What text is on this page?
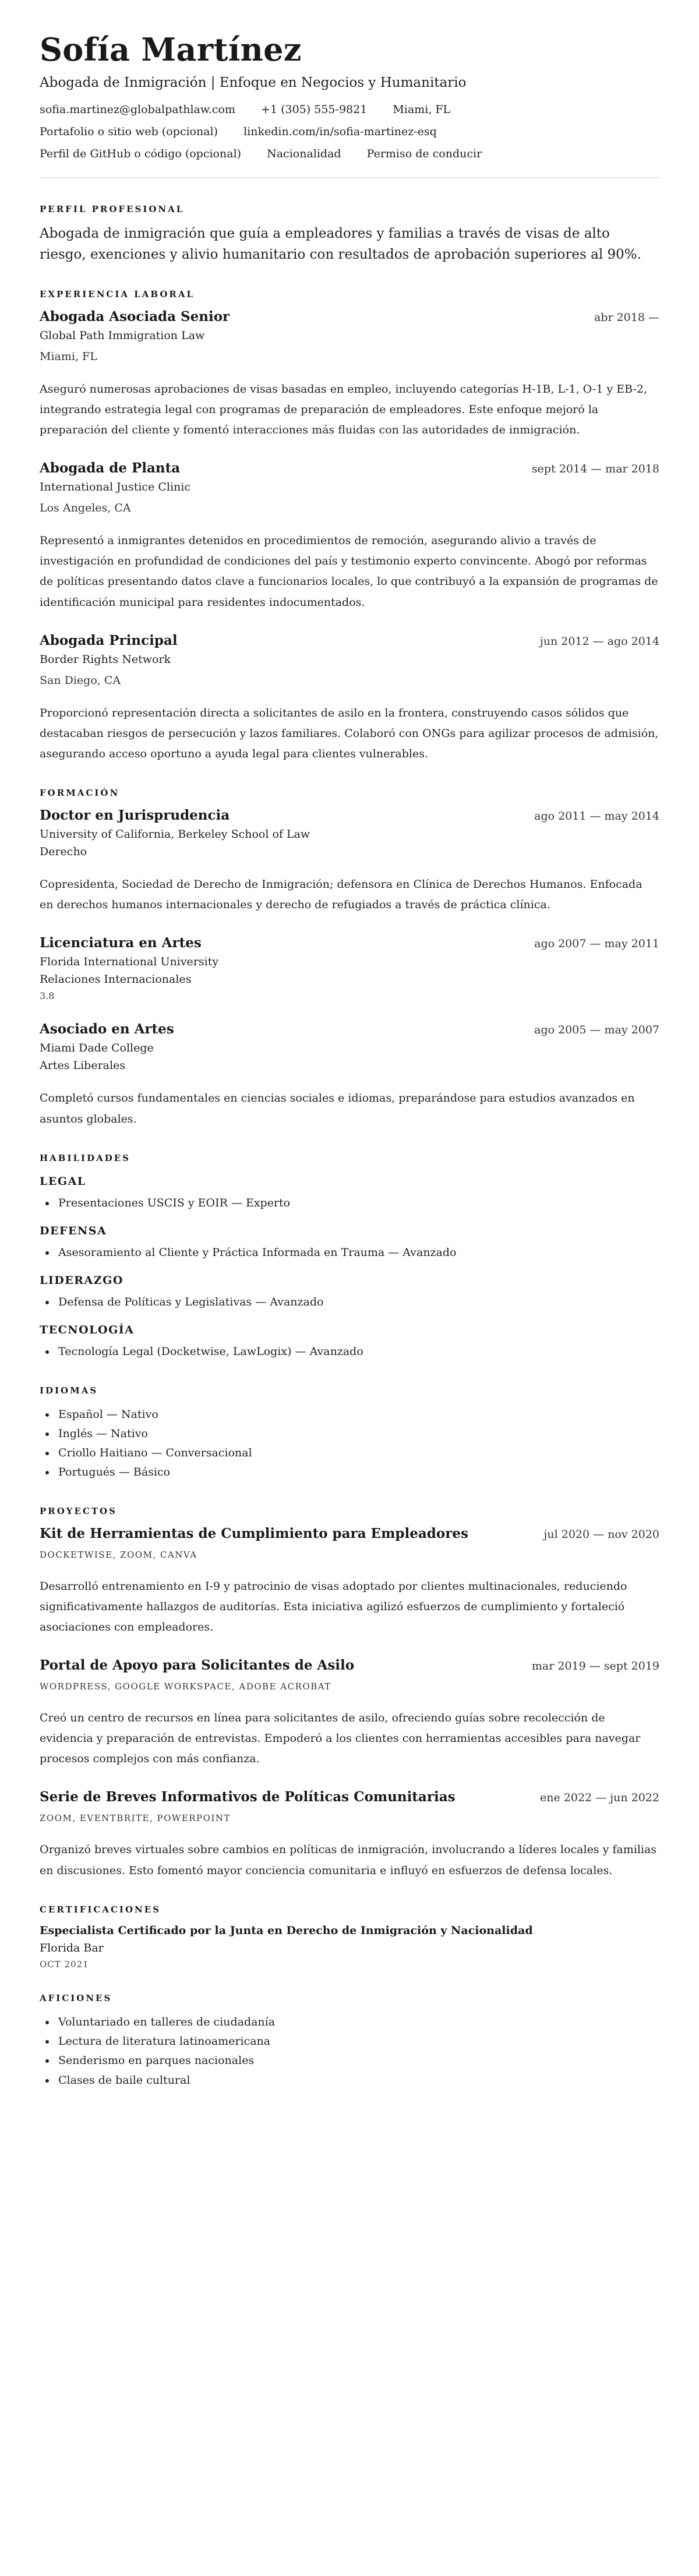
Sofía Martínez

Abogada de Inmigración | Enfoque en Negocios y Humanitario

sofia.martinez@globalpathlaw.com +1 (305) 555-9821 Miami, FL

Portafolio o sitio web (opcional) linkedin.com/in/sofia-martinez-esq

Perfil de GitHub o código (opcional) Nacionalidad Permiso de conducir

PERFIL PROFESIONAL

Abogada de inmigración que guía a empleadores y familias a través de visas de alto riesgo, exenciones y alivio humanitario con resultados de aprobación superiores al 90%.

EXPERIENCIA LABORAL
Abogada Asociada Senior	abr 2018 —

Global Path Immigration Law

Miami, FL

Aseguró numerosas aprobaciones de visas basadas en empleo, incluyendo categorías H-1B, L-1, O-1 y EB-2, integrando estrategia legal con programas de preparación de empleadores. Este enfoque mejoró la preparación del cliente y fomentó interacciones más fluidas con las autoridades de inmigración.

Abogada de Planta	sept 2014 — mar 2018

International Justice Clinic

Los Angeles, CA

Representó a inmigrantes detenidos en procedimientos de remoción, asegurando alivio a través de investigación en profundidad de condiciones del país y testimonio experto convincente. Abogó por reformas de políticas presentando datos clave a funcionarios locales, lo que contribuyó a la expansión de programas de identificación municipal para residentes indocumentados.

Abogada Principal	jun 2012 — ago 2014

Border Rights Network

San Diego, CA

Proporcionó representación directa a solicitantes de asilo en la frontera, construyendo casos sólidos que destacaban riesgos de persecución y lazos familiares. Colaboró con ONGs para agilizar procesos de admisión, asegurando acceso oportuno a ayuda legal para clientes vulnerables.

FORMACIÓN
Doctor en Jurisprudencia	ago 2011 — may 2014

University of California, Berkeley School of Law

Derecho

Copresidenta, Sociedad de Derecho de Inmigración; defensora en Clínica de Derechos Humanos. Enfocada en derechos humanos internacionales y derecho de refugiados a través de práctica clínica.

Licenciatura en Artes	ago 2007 — may 2011

Florida International University

Relaciones Internacionales

3.8

Asociado en Artes	ago 2005 — may 2007

Miami Dade College

Artes Liberales

Completó cursos fundamentales en ciencias sociales e idiomas, preparándose para estudios avanzados en asuntos globales.

HABILIDADES
LEGAL
• Presentaciones USCIS y EOIR — Experto
DEFENSA
• Asesoramiento al Cliente y Práctica Informada en Trauma — Avanzado
LIDERAZGO
• Defensa de Políticas y Legislativas — Avanzado
TECNOLOGÍA
• Tecnología Legal (Docketwise, LawLogix) — Avanzado
IDIOMAS
• Español — Nativo
• Inglés — Nativo
• Criollo Haitiano — Conversacional
• Portugués — Básico
PROYECTOS
Kit de Herramientas de Cumplimiento para Empleadores	jul 2020 — nov 2020

DOCKETWISE, ZOOM, CANVA

Desarrolló entrenamiento en I-9 y patrocinio de visas adoptado por clientes multinacionales, reduciendo significativamente hallazgos de auditorías. Esta iniciativa agilizó esfuerzos de cumplimiento y fortaleció asociaciones con empleadores.

Portal de Apoyo para Solicitantes de Asilo	mar 2019 — sept 2019

WORDPRESS, GOOGLE WORKSPACE, ADOBE ACROBAT

Creó un centro de recursos en línea para solicitantes de asilo, ofreciendo guías sobre recolección de evidencia y preparación de entrevistas. Empoderó a los clientes con herramientas accesibles para navegar procesos complejos con más confianza.

Serie de Breves Informativos de Políticas Comunitarias	ene 2022 — jun 2022

ZOOM, EVENTBRITE, POWERPOINT

Organizó breves virtuales sobre cambios en políticas de inmigración, involucrando a líderes locales y familias en discusiones. Esto fomentó mayor conciencia comunitaria e influyó en esfuerzos de defensa locales.

CERTIFICACIONES

Especialista Certificado por la Junta en Derecho de Inmigración y Nacionalidad

Florida Bar

OCT 2021

AFICIONES
• Voluntariado en talleres de ciudadanía
• Lectura de literatura latinoamericana
• Senderismo en parques nacionales
• Clases de baile cultural
